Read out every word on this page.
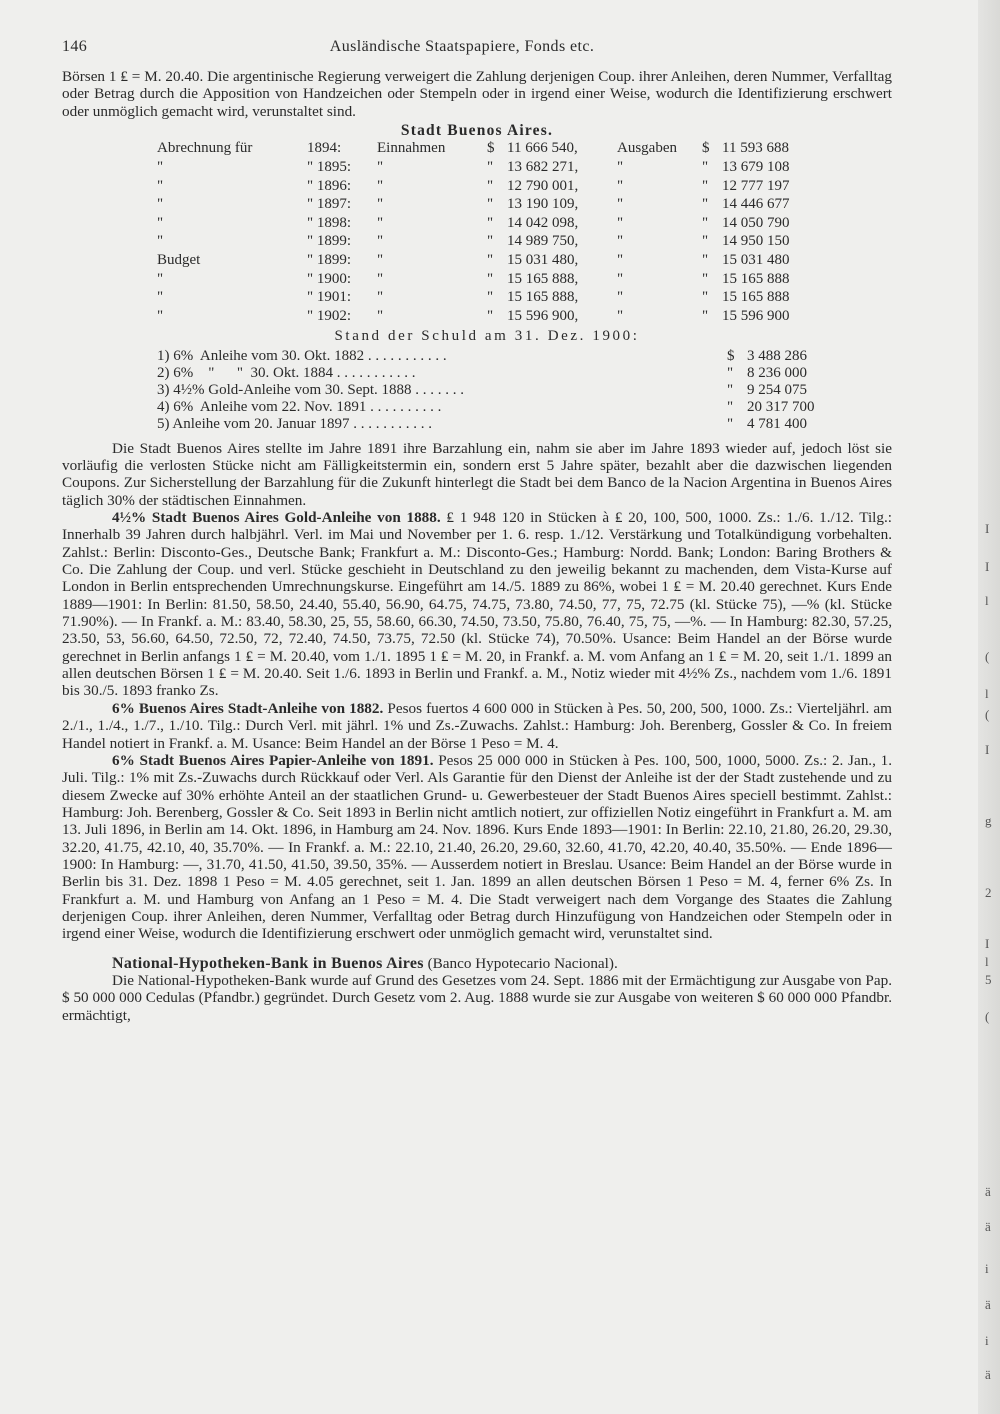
I
I
l
(
l
(
I
g
2
I
l
5
(
ä
ä
i
ä
i
ä
146	Ausländische Staatspapiere, Fonds etc.

Börsen 1 ₤ = M. 20.40. Die argentinische Regierung verweigert die Zahlung derjenigen Coup. ihrer Anleihen, deren Nummer, Verfalltag oder Betrag durch die Apposition von Handzeichen oder Stempeln oder in irgend einer Weise, wodurch die Identifizierung erschwert oder unmöglich gemacht wird, verunstaltet sind.

Stadt Buenos Aires.
Abrechnung für		1894:	Einnahmen	$	11 666 540,	Ausgaben	$	11 593 688
"		" 1895:	"	"	13 682 271,	"	"	13 679 108
"		" 1896:	"	"	12 790 001,	"	"	12 777 197
"		" 1897:	"	"	13 190 109,	"	"	14 446 677
"		" 1898:	"	"	14 042 098,	"	"	14 050 790
"		" 1899:	"	"	14 989 750,	"	"	14 950 150
Budget		" 1899:	"	"	15 031 480,	"	"	15 031 480
"		" 1900:	"	"	15 165 888,	"	"	15 165 888
"		" 1901:	"	"	15 165 888,	"	"	15 165 888
"		" 1902:	"	"	15 596 900,	"	"	15 596 900
Stand der Schuld am 31. Dez. 1900:
1) 6%  Anleihe vom 30. Okt. 1882 . . . . . . . . . . .	$	3 488 286
2) 6%    "      "  30. Okt. 1884 . . . . . . . . . . .	"	8 236 000
3) 4½% Gold-Anleihe vom 30. Sept. 1888 . . . . . . .	"	9 254 075
4) 6%  Anleihe vom 22. Nov. 1891 . . . . . . . . . .	"	20 317 700
5) Anleihe vom 20. Januar 1897 . . . . . . . . . . .	"	4 781 400

Die Stadt Buenos Aires stellte im Jahre 1891 ihre Barzahlung ein, nahm sie aber im Jahre 1893 wieder auf, jedoch löst sie vorläufig die verlosten Stücke nicht am Fälligkeitstermin ein, sondern erst 5 Jahre später, bezahlt aber die dazwischen liegenden Coupons. Zur Sicherstellung der Barzahlung für die Zukunft hinterlegt die Stadt bei dem Banco de la Nacion Argentina in Buenos Aires täglich 30% der städtischen Einnahmen.

4½% Stadt Buenos Aires Gold-Anleihe von 1888. ₤ 1 948 120 in Stücken à ₤ 20, 100, 500, 1000. Zs.: 1./6. 1./12. Tilg.: Innerhalb 39 Jahren durch halbjährl. Verl. im Mai und November per 1. 6. resp. 1./12. Verstärkung und Totalkündigung vorbehalten. Zahlst.: Berlin: Disconto-Ges., Deutsche Bank; Frankfurt a. M.: Disconto-Ges.; Hamburg: Nordd. Bank; London: Baring Brothers & Co. Die Zahlung der Coup. und verl. Stücke geschieht in Deutschland zu den jeweilig bekannt zu machenden, dem Vista-Kurse auf London in Berlin entsprechenden Umrechnungskurse. Eingeführt am 14./5. 1889 zu 86%, wobei 1 ₤ = M. 20.40 gerechnet. Kurs Ende 1889—1901: In Berlin: 81.50, 58.50, 24.40, 55.40, 56.90, 64.75, 74.75, 73.80, 74.50, 77, 75, 72.75 (kl. Stücke 75), —% (kl. Stücke 71.90%). — In Frankf. a. M.: 83.40, 58.30, 25, 55, 58.60, 66.30, 74.50, 73.50, 75.80, 76.40, 75, 75, —%. — In Hamburg: 82.30, 57.25, 23.50, 53, 56.60, 64.50, 72.50, 72, 72.40, 74.50, 73.75, 72.50 (kl. Stücke 74), 70.50%. Usance: Beim Handel an der Börse wurde gerechnet in Berlin anfangs 1 ₤ = M. 20.40, vom 1./1. 1895 1 ₤ = M. 20, in Frankf. a. M. vom Anfang an 1 ₤ = M. 20, seit 1./1. 1899 an allen deutschen Börsen 1 ₤ = M. 20.40. Seit 1./6. 1893 in Berlin und Frankf. a. M., Notiz wieder mit 4½% Zs., nachdem vom 1./6. 1891 bis 30./5. 1893 franko Zs.

6% Buenos Aires Stadt-Anleihe von 1882. Pesos fuertos 4 600 000 in Stücken à Pes. 50, 200, 500, 1000. Zs.: Vierteljährl. am 2./1., 1./4., 1./7., 1./10. Tilg.: Durch Verl. mit jährl. 1% und Zs.-Zuwachs. Zahlst.: Hamburg: Joh. Berenberg, Gossler & Co. In freiem Handel notiert in Frankf. a. M. Usance: Beim Handel an der Börse 1 Peso = M. 4.

6% Stadt Buenos Aires Papier-Anleihe von 1891. Pesos 25 000 000 in Stücken à Pes. 100, 500, 1000, 5000. Zs.: 2. Jan., 1. Juli. Tilg.: 1% mit Zs.-Zuwachs durch Rückkauf oder Verl. Als Garantie für den Dienst der Anleihe ist der der Stadt zustehende und zu diesem Zwecke auf 30% erhöhte Anteil an der staatlichen Grund- u. Gewerbesteuer der Stadt Buenos Aires speciell bestimmt. Zahlst.: Hamburg: Joh. Berenberg, Gossler & Co. Seit 1893 in Berlin nicht amtlich notiert, zur offiziellen Notiz eingeführt in Frankfurt a. M. am 13. Juli 1896, in Berlin am 14. Okt. 1896, in Hamburg am 24. Nov. 1896. Kurs Ende 1893—1901: In Berlin: 22.10, 21.80, 26.20, 29.30, 32.20, 41.75, 42.10, 40, 35.70%. — In Frankf. a. M.: 22.10, 21.40, 26.20, 29.60, 32.60, 41.70, 42.20, 40.40, 35.50%. — Ende 1896—1900: In Hamburg: —, 31.70, 41.50, 41.50, 39.50, 35%. — Ausserdem notiert in Breslau. Usance: Beim Handel an der Börse wurde in Berlin bis 31. Dez. 1898 1 Peso = M. 4.05 gerechnet, seit 1. Jan. 1899 an allen deutschen Börsen 1 Peso = M. 4, ferner 6% Zs. In Frankfurt a. M. und Hamburg von Anfang an 1 Peso = M. 4. Die Stadt verweigert nach dem Vorgange des Staates die Zahlung derjenigen Coup. ihrer Anleihen, deren Nummer, Verfalltag oder Betrag durch Hinzufügung von Handzeichen oder Stempeln oder in irgend einer Weise, wodurch die Identifizierung erschwert oder unmöglich gemacht wird, verunstaltet sind.

National-Hypotheken-Bank in Buenos Aires (Banco Hypotecario Nacional).

Die National-Hypotheken-Bank wurde auf Grund des Gesetzes vom 24. Sept. 1886 mit der Ermächtigung zur Ausgabe von Pap. $ 50 000 000 Cedulas (Pfandbr.) gegründet. Durch Gesetz vom 2. Aug. 1888 wurde sie zur Ausgabe von weiteren $ 60 000 000 Pfandbr. ermächtigt,
